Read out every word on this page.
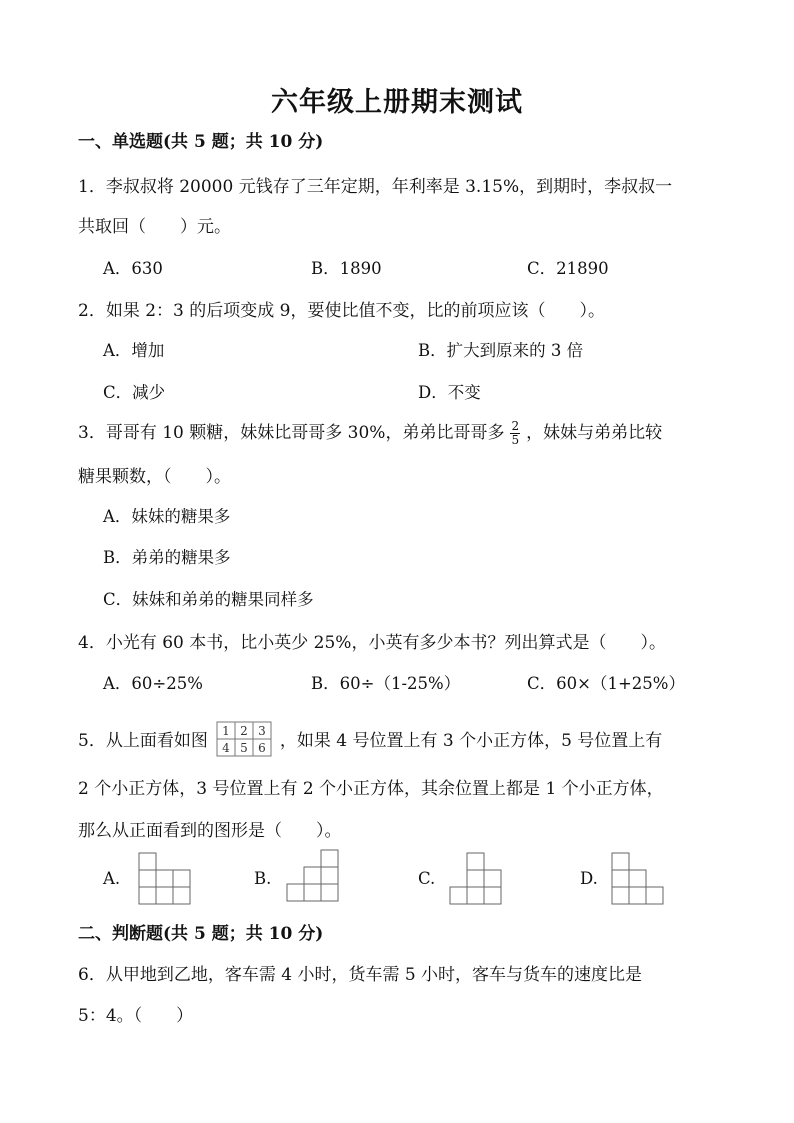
六年级上册期末测试
一、单选题(共 5 题；共 10 分)
1．李叔叔将 20000 元钱存了三年定期，年利率是 3.15%，到期时，李叔叔一
共取回（　　）元。
A．630	B．1890	C．21890
2．如果 2：3 的后项变成 9，要使比值不变，比的前项应该（　　）。
A．增加	B．扩大到原来的 3 倍
C．减少	D．不变
3．哥哥有 10 颗糖，妹妹比哥哥多 30%，弟弟比哥哥多 $\frac{2}{5}$ ，妹妹与弟弟比较
糖果颗数，（　　）。
A．妹妹的糖果多
B．弟弟的糖果多
C．妹妹和弟弟的糖果同样多
4．小光有 60 本书，比小英少 25%，小英有多少本书？列出算式是（　　）。
A．60÷25%	B．60÷（1-25%）	C．60×（1+25%）
5．从上面看如图 1 2 3
4 5 6 ，如果 4 号位置上有 3 个小正方体，5 号位置上有
2 个小正方体，3 号位置上有 2 个小正方体，其余位置上都是 1 个小正方体，
那么从正面看到的图形是（　　）。
A.	B.	C.	D.
二、判断题(共 5 题；共 10 分)
6．从甲地到乙地，客车需 4 小时，货车需 5 小时，客车与货车的速度比是
5：4。（　　）
